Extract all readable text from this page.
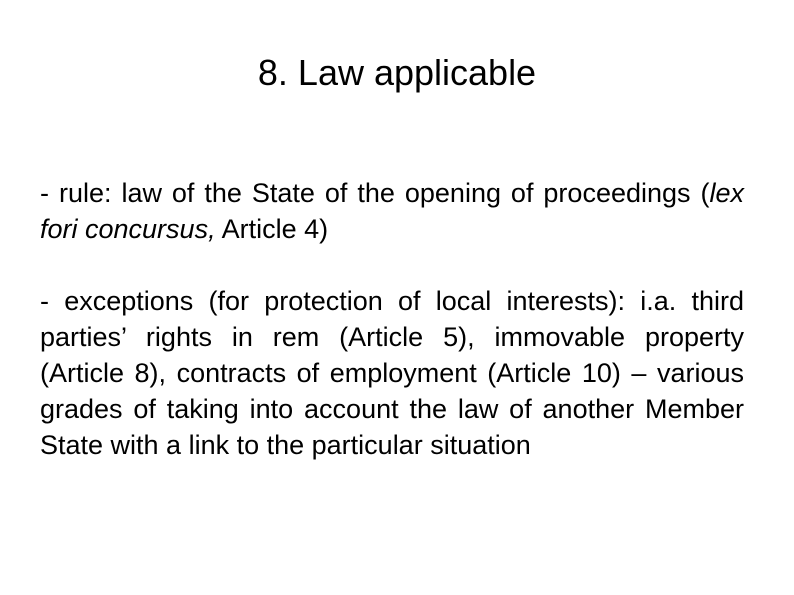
8. Law applicable

- rule: law of the State of the opening of proceedings (lex fori concursus, Article 4)

- exceptions (for protection of local interests): i.a. third parties’ rights in rem (Article 5), immovable property (Article 8), contracts of employment (Article 10) – various grades of taking into account the law of another Member State with a link to the particular situation
